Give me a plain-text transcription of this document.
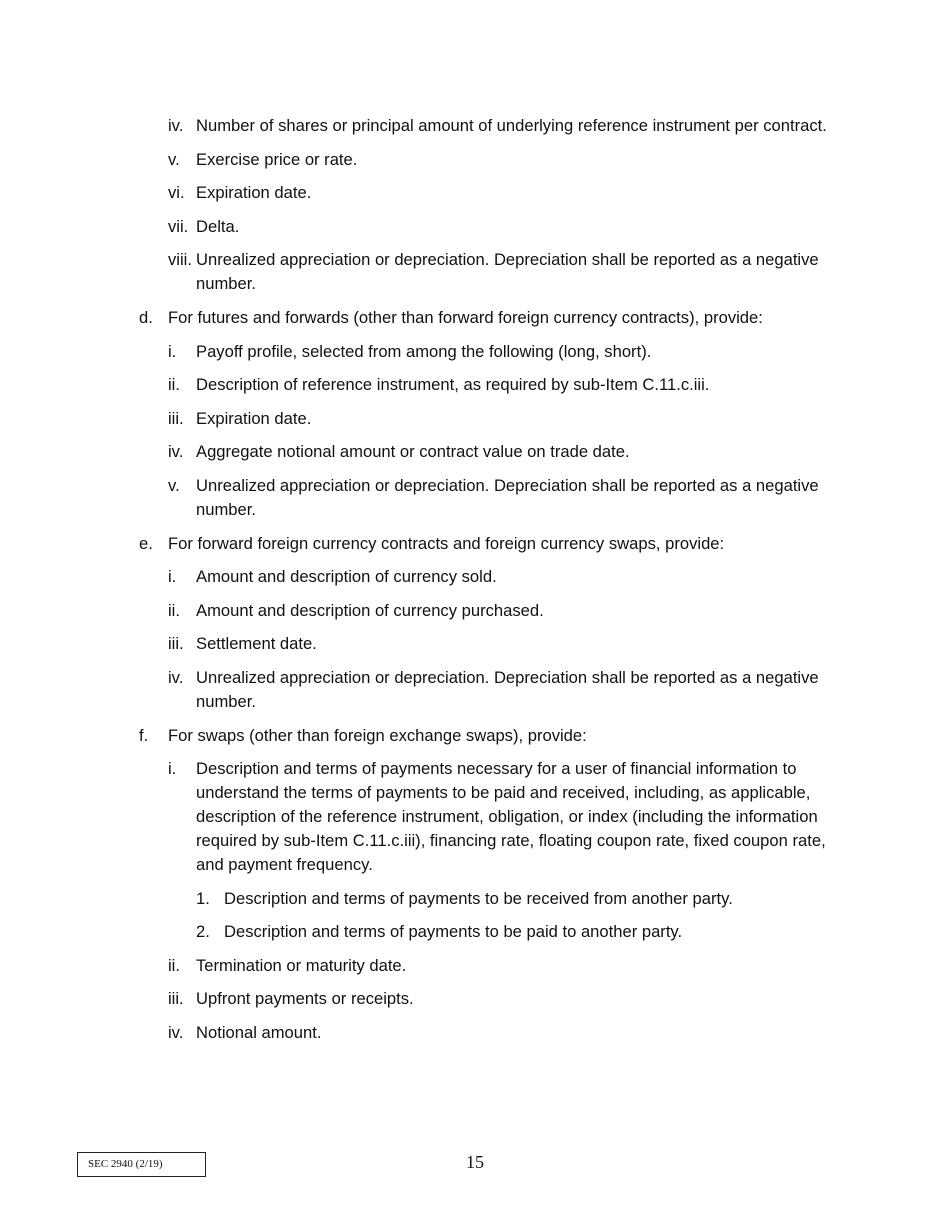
iv. Number of shares or principal amount of underlying reference instrument per contract.
v. Exercise price or rate.
vi. Expiration date.
vii. Delta.
viii. Unrealized appreciation or depreciation. Depreciation shall be reported as a negative number.
d. For futures and forwards (other than forward foreign currency contracts), provide:
i. Payoff profile, selected from among the following (long, short).
ii. Description of reference instrument, as required by sub-Item C.11.c.iii.
iii. Expiration date.
iv. Aggregate notional amount or contract value on trade date.
v. Unrealized appreciation or depreciation. Depreciation shall be reported as a negative number.
e. For forward foreign currency contracts and foreign currency swaps, provide:
i. Amount and description of currency sold.
ii. Amount and description of currency purchased.
iii. Settlement date.
iv. Unrealized appreciation or depreciation. Depreciation shall be reported as a negative number.
f. For swaps (other than foreign exchange swaps), provide:
i. Description and terms of payments necessary for a user of financial information to understand the terms of payments to be paid and received, including, as applicable, description of the reference instrument, obligation, or index (including the information required by sub-Item C.11.c.iii), financing rate, floating coupon rate, fixed coupon rate, and payment frequency.
1. Description and terms of payments to be received from another party.
2. Description and terms of payments to be paid to another party.
ii. Termination or maturity date.
iii. Upfront payments or receipts.
iv. Notional amount.
SEC 2940 (2/19)	15
